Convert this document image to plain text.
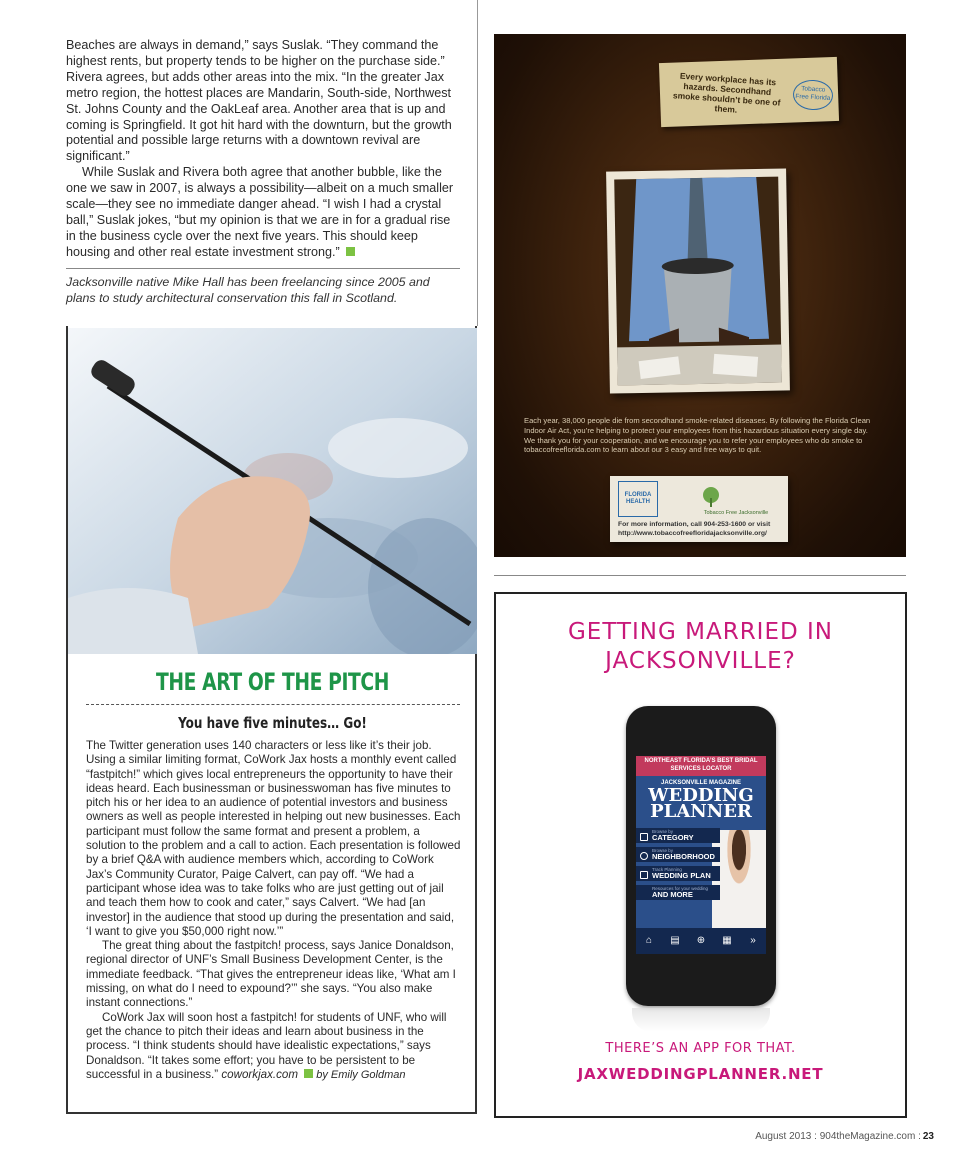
Beaches are always in demand,” says Suslak. “They command the highest rents, but property tends to be higher on the purchase side.” Rivera agrees, but adds other areas into the mix. “In the greater Jax metro region, the hottest places are Mandarin, South-side, Northwest St. Johns County and the OakLeaf area. Another area that is up and coming is Springfield. It got hit hard with the downturn, but the growth potential and possible large returns with a downtown revival are significant.”

While Suslak and Rivera both agree that another bubble, like the one we saw in 2007, is always a possibility—albeit on a much smaller scale—they see no immediate danger ahead. “I wish I had a crystal ball,” Suslak jokes, “but my opinion is that we are in for a gradual rise in the business cycle over the next five years. This should keep housing and other real estate investment strong.”

Jacksonville native Mike Hall has been freelancing since 2005 and plans to study architectural conservation this fall in Scotland.
THE ART OF THE PITCH
You have five minutes… Go!

The Twitter generation uses 140 characters or less like it’s their job. Using a similar limiting format, CoWork Jax hosts a monthly event called “fastpitch!” which gives local entrepreneurs the opportunity to have their ideas heard. Each businessman or businesswoman has five minutes to pitch his or her idea to an audience of potential investors and business owners as well as people interested in helping out new businesses. Each participant must follow the same format and present a problem, a solution to the problem and a call to action. Each presentation is followed by a brief Q&A with audience members which, according to CoWork Jax’s Community Curator, Paige Calvert, can pay off. “We had a participant whose idea was to take folks who are just getting out of jail and teach them how to cook and cater,” says Calvert. “We had [an investor] in the audience that stood up during the presentation and said, ‘I want to give you $50,000 right now.’”

The great thing about the fastpitch! process, says Janice Donaldson, regional director of UNF’s Small Business Development Center, is the immediate feedback. “That gives the entrepreneur ideas like, ‘What am I missing, on what do I need to expound?’” she says. “You also make instant connections.”

CoWork Jax will soon host a fastpitch! for students of UNF, who will get the chance to pitch their ideas and learn about business in the process. “I think students should have idealistic expectations,” says Donaldson. “It takes some effort; you have to be persistent to be successful in a business.” coworkjax.com by Emily Goldman

Every workplace has its hazards. Secondhand smoke shouldn’t be one of them.
Tobacco Free Florida
Each year, 38,000 people die from secondhand smoke-related diseases. By following the Florida Clean Indoor Air Act, you’re helping to protect your employees from this hazardous situation every single day. We thank you for your cooperation, and we encourage you to refer your employees who do smoke to tobaccofreeflorida.com to learn about our 3 easy and free ways to quit.
FLORIDA HEALTH
Tobacco Free Jacksonville
For more information, call 904-253-1600 or visit http://www.tobaccofreefloridajacksonville.org/
GETTING MARRIED IN JACKSONVILLE?
NORTHEAST FLORIDA’S BEST BRIDAL SERVICES LOCATOR
JACKSONVILLE MAGAZINE
WEDDING PLANNER
Browse by
CATEGORY
Browse by
NEIGHBORHOOD
Track Planning
WEDDING PLAN
Resources for your wedding
AND MORE
⌂ ▤ ⊕ ▦ »
THERE’S AN APP FOR THAT.
JAXWEDDINGPLANNER.NET
August 2013 : 904theMagazine.com : 23
